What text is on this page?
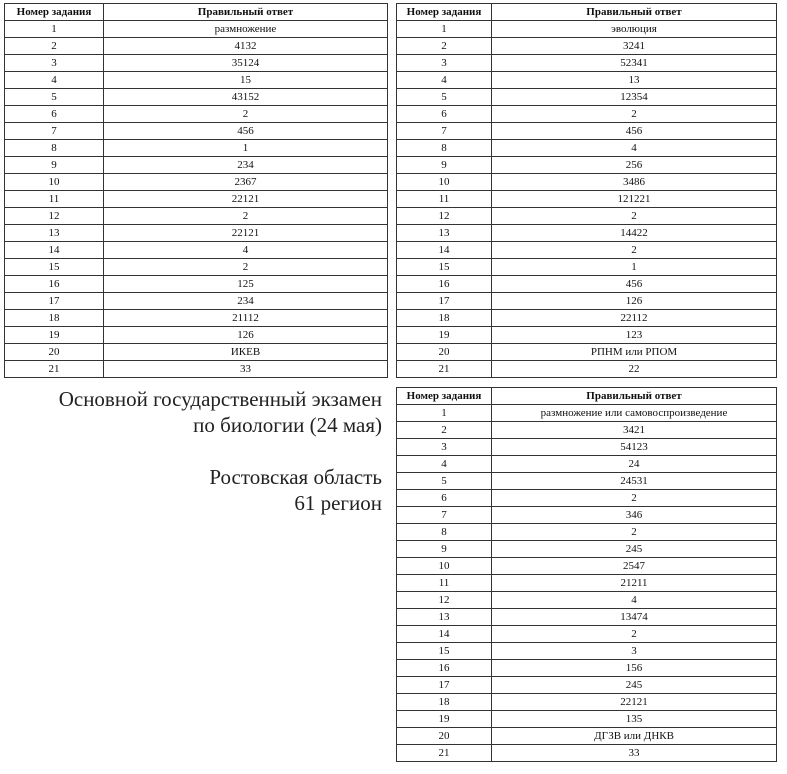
Номер задания	Правильный ответ
1	размножение
2	4132
3	35124
4	15
5	43152
6	2
7	456
8	1
9	234
10	2367
11	22121
12	2
13	22121
14	4
15	2
16	125
17	234
18	21112
19	126
20	ИКЕВ
21	33
Номер задания	Правильный ответ
1	эволюция
2	3241
3	52341
4	13
5	12354
6	2
7	456
8	4
9	256
10	3486
11	121221
12	2
13	14422
14	2
15	1
16	456
17	126
18	22112
19	123
20	РПНМ или РПОМ
21	22

Основной государственный экзамен

по биологии (24 мая)

Ростовская область

61 регион

Номер задания	Правильный ответ
1	размножение или самовоспроизведение
2	3421
3	54123
4	24
5	24531
6	2
7	346
8	2
9	245
10	2547
11	21211
12	4
13	13474
14	2
15	3
16	156
17	245
18	22121
19	135
20	ДГЗВ или ДНКВ
21	33
